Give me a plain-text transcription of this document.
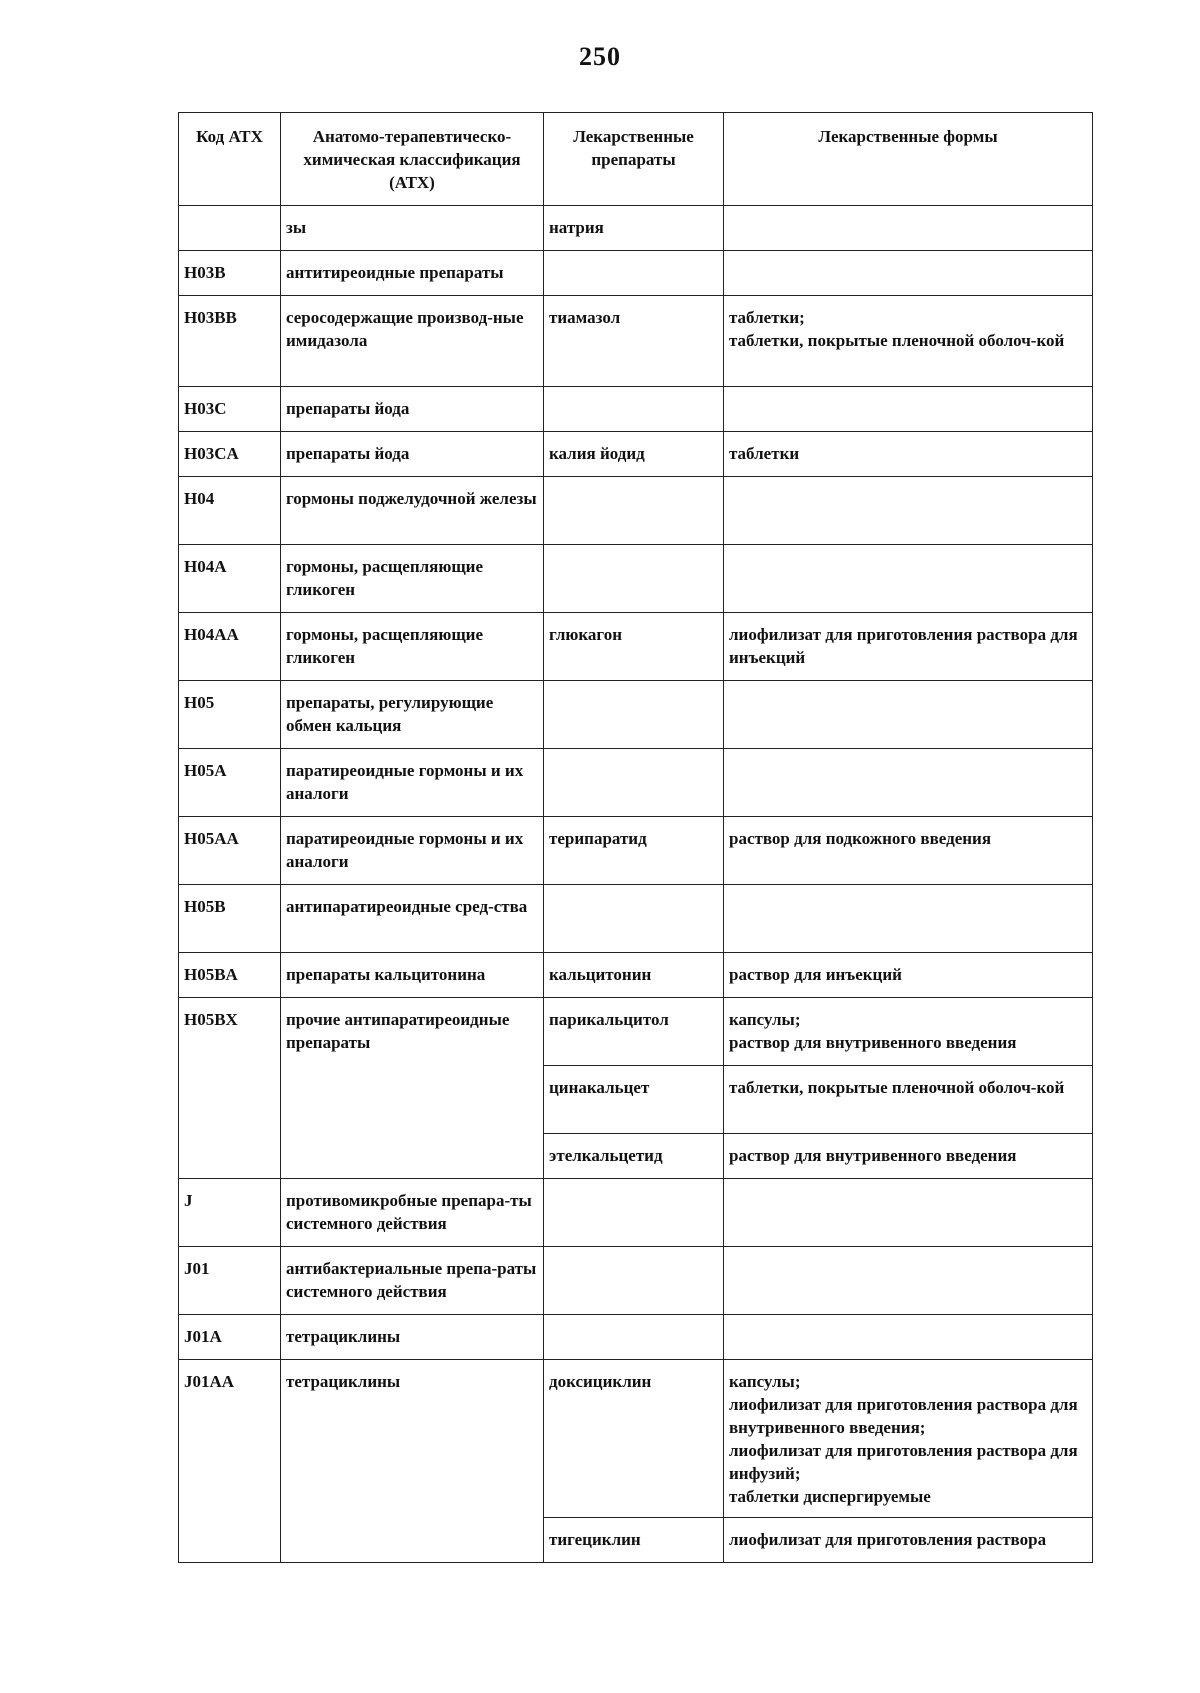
250
Код АТХ	Анатомо-терапевтическо-химическая классификация (АТХ)	Лекарственные препараты	Лекарственные формы
	зы	натрия	
H03B	антитиреоидные препараты		
H03BB	серосодержащие производ-ные имидазола	тиамазол	таблетки;
таблетки, покрытые пленочной оболоч-кой

H03C	препараты йода		
H03CA	препараты йода	калия йодид	таблетки

H04	гормоны поджелудочной железы		
H04A	гормоны, расщепляющие гликоген		
H04AA	гормоны, расщепляющие гликоген	глюкагон	лиофилизат для приготовления раствора для инъекций

H05	препараты, регулирующие обмен кальция		
H05A	паратиреоидные гормоны и их аналоги		
H05AA	паратиреоидные гормоны и их аналоги	терипаратид	раствор для подкожного введения

H05B	антипаратиреоидные сред-ства		
H05BA	препараты кальцитонина	кальцитонин	раствор для инъекций

H05BX	прочие антипаратиреоидные препараты	парикальцитол	капсулы;
раствор для внутривенного введения

		цинакальцет	таблетки, покрытые пленочной оболоч-кой

		этелкальцетид	раствор для внутривенного введения

J	противомикробные препара-ты системного действия		
J01	антибактериальные препа-раты системного действия		
J01A	тетрациклины		
J01AA	тетрациклины	доксициклин	капсулы;
лиофилизат для приготовления раствора для внутривенного введения;
лиофилизат для приготовления раствора для инфузий;
таблетки диспергируемые

		тигециклин	лиофилизат для приготовления раствора
